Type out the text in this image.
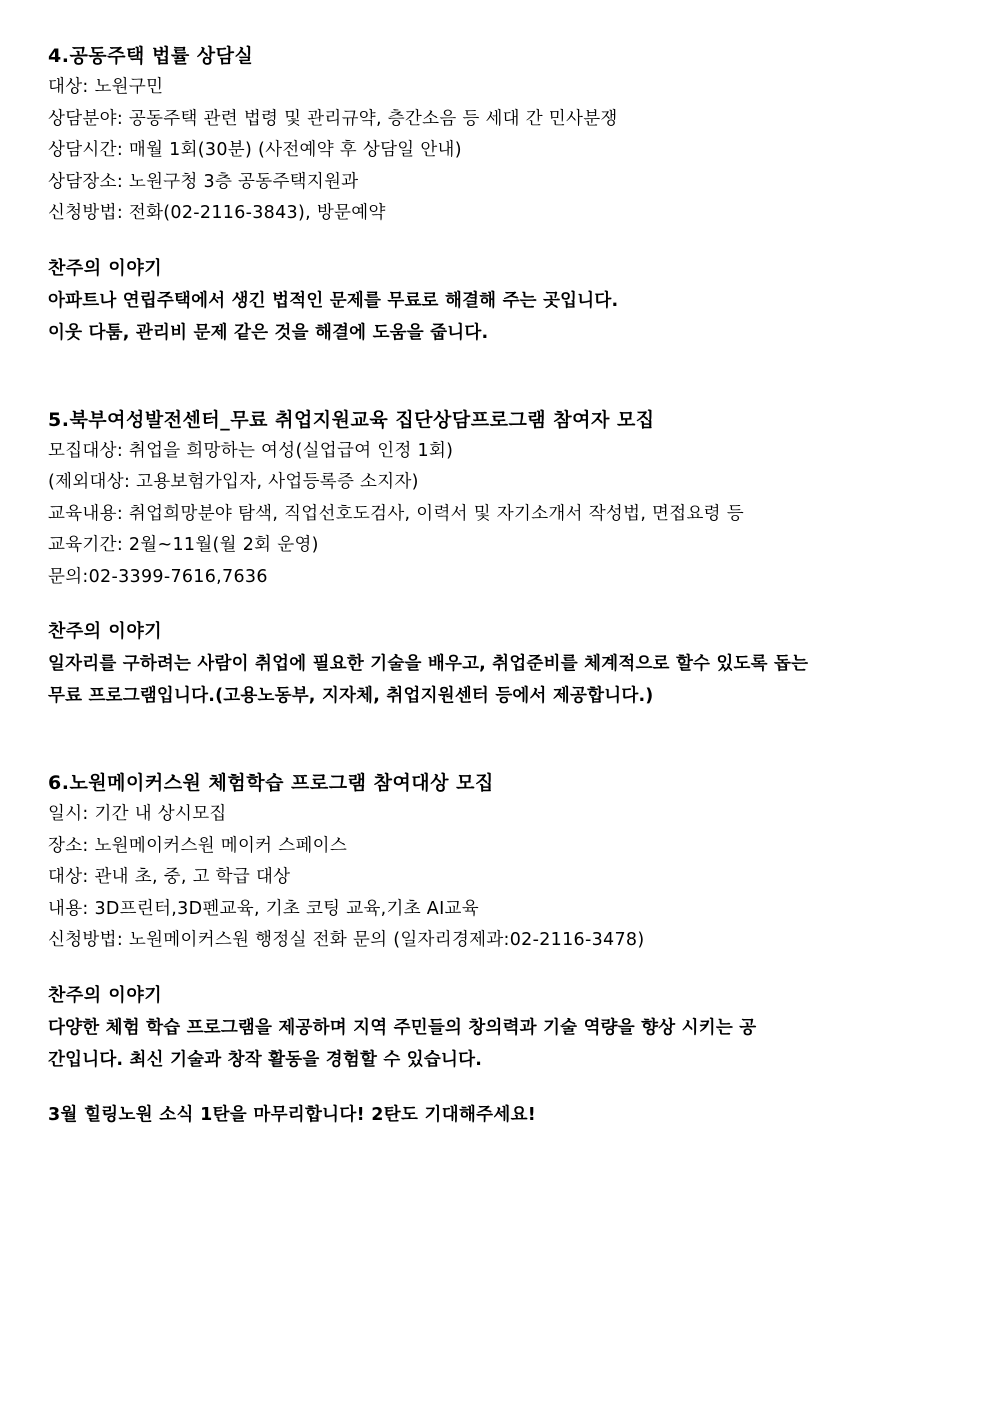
4.공동주택 법률 상담실
대상: 노원구민
상담분야: 공동주택 관련 법령 및 관리규약, 층간소음 등 세대 간 민사분쟁
상담시간: 매월 1회(30분) (사전예약 후 상담일 안내)
상담장소: 노원구청 3층 공동주택지원과
신청방법: 전화(02-2116-3843), 방문예약
찬주의 이야기
아파트나 연립주택에서 생긴 법적인 문제를 무료로 해결해 주는 곳입니다.
이웃 다툼, 관리비 문제 같은 것을 해결에 도움을 줍니다.
5.북부여성발전센터_무료 취업지원교육 집단상담프로그램 참여자 모집
모집대상: 취업을 희망하는 여성(실업급여 인정 1회)
(제외대상: 고용보험가입자, 사업등록증 소지자)
교육내용: 취업희망분야 탐색, 직업선호도검사, 이력서 및 자기소개서 작성법, 면접요령 등
교육기간: 2월~11월(월 2회 운영)
문의:02-3399-7616,7636
찬주의 이야기
일자리를 구하려는 사람이 취업에 필요한 기술을 배우고, 취업준비를 체계적으로 할수 있도록 돕는
무료 프로그램입니다.(고용노동부, 지자체, 취업지원센터 등에서 제공합니다.)
6.노원메이커스원 체험학습 프로그램 참여대상 모집
일시: 기간 내 상시모집
장소: 노원메이커스원 메이커 스페이스
대상: 관내 초, 중, 고 학급 대상
내용: 3D프린터,3D펜교육, 기초 코팅 교육,기초 AI교육
신청방법: 노원메이커스원 행정실 전화 문의 (일자리경제과:02-2116-3478)
찬주의 이야기
다양한 체험 학습 프로그램을 제공하며 지역 주민들의 창의력과 기술 역량을 향상 시키는 공
간입니다. 최신 기술과 창작 활동을 경험할 수 있습니다.
3월 힐링노원 소식 1탄을 마무리합니다! 2탄도 기대해주세요!
